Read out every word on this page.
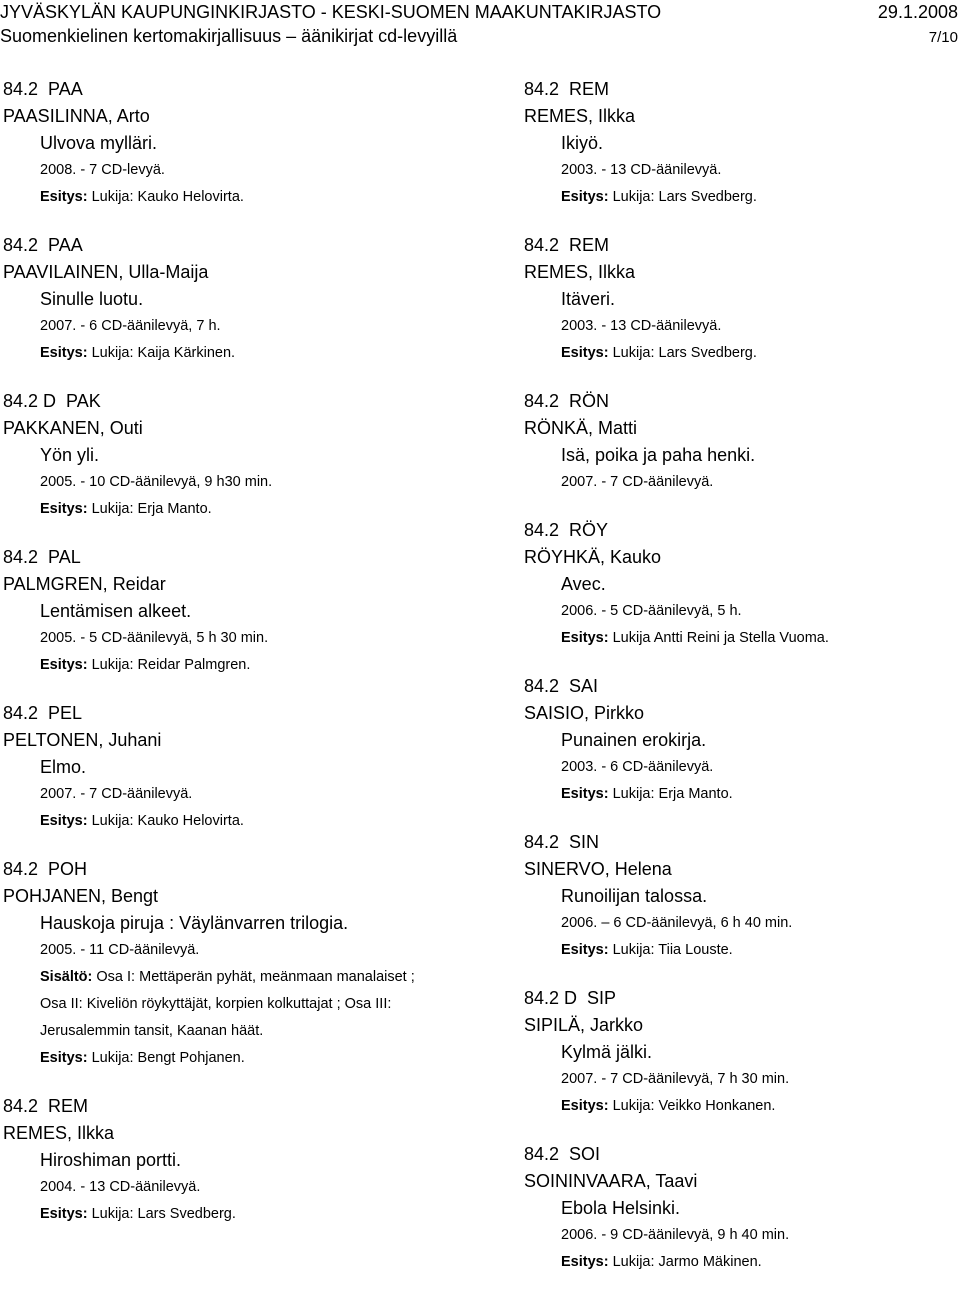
JYVÄSKYLÄN KAUPUNGINKIRJASTO - KESKI-SUOMEN MAAKUNTAKIRJASTO	29.1.2008
Suomenkielinen kertomakirjallisuus – äänikirjat cd-levyillä	7/10
84.2 PAA
PAASILINNA, Arto
Ulvova mylläri.
2008. - 7 CD-levyä.
Esitys: Lukija: Kauko Helovirta.
84.2 PAA
PAAVILAINEN, Ulla-Maija
Sinulle luotu.
2007. - 6 CD-äänilevyä, 7 h.
Esitys: Lukija: Kaija Kärkinen.
84.2 D PAK
PAKKANEN, Outi
Yön yli.
2005. - 10 CD-äänilevyä, 9 h30 min.
Esitys: Lukija: Erja Manto.
84.2 PAL
PALMGREN, Reidar
Lentämisen alkeet.
2005. - 5 CD-äänilevyä, 5 h 30 min.
Esitys: Lukija: Reidar Palmgren.
84.2 PEL
PELTONEN, Juhani
Elmo.
2007. - 7 CD-äänilevyä.
Esitys: Lukija: Kauko Helovirta.
84.2 POH
POHJANEN, Bengt
Hauskoja piruja : Väylänvarren trilogia.
2005. - 11 CD-äänilevyä.
Sisältö: Osa I: Mettäperän pyhät, meänmaan manalaiset ;
Osa II: Kiveliön röykyttäjät, korpien kolkuttajat ; Osa III:
Jerusalemmin tansit, Kaanan häät.
Esitys: Lukija: Bengt Pohjanen.
84.2 REM
REMES, Ilkka
Hiroshiman portti.
2004. - 13 CD-äänilevyä.
Esitys: Lukija: Lars Svedberg.
84.2 REM
REMES, Ilkka
Ikiyö.
2003. - 13 CD-äänilevyä.
Esitys: Lukija: Lars Svedberg.
84.2 REM
REMES, Ilkka
Itäveri.
2003. - 13 CD-äänilevyä.
Esitys: Lukija: Lars Svedberg.
84.2 RÖN
RÖNKÄ, Matti
Isä, poika ja paha henki.
2007. - 7 CD-äänilevyä.
84.2 RÖY
RÖYHKÄ, Kauko
Avec.
2006. - 5 CD-äänilevyä, 5 h.
Esitys: Lukija Antti Reini ja Stella Vuoma.
84.2 SAI
SAISIO, Pirkko
Punainen erokirja.
2003. - 6 CD-äänilevyä.
Esitys: Lukija: Erja Manto.
84.2 SIN
SINERVO, Helena
Runoilijan talossa.
2006. – 6 CD-äänilevyä, 6 h 40 min.
Esitys: Lukija: Tiia Louste.
84.2 D SIP
SIPILÄ, Jarkko
Kylmä jälki.
2007. - 7 CD-äänilevyä, 7 h 30 min.
Esitys: Lukija: Veikko Honkanen.
84.2 SOI
SOININVAARA, Taavi
Ebola Helsinki.
2006. - 9 CD-äänilevyä, 9 h 40 min.
Esitys: Lukija: Jarmo Mäkinen.
